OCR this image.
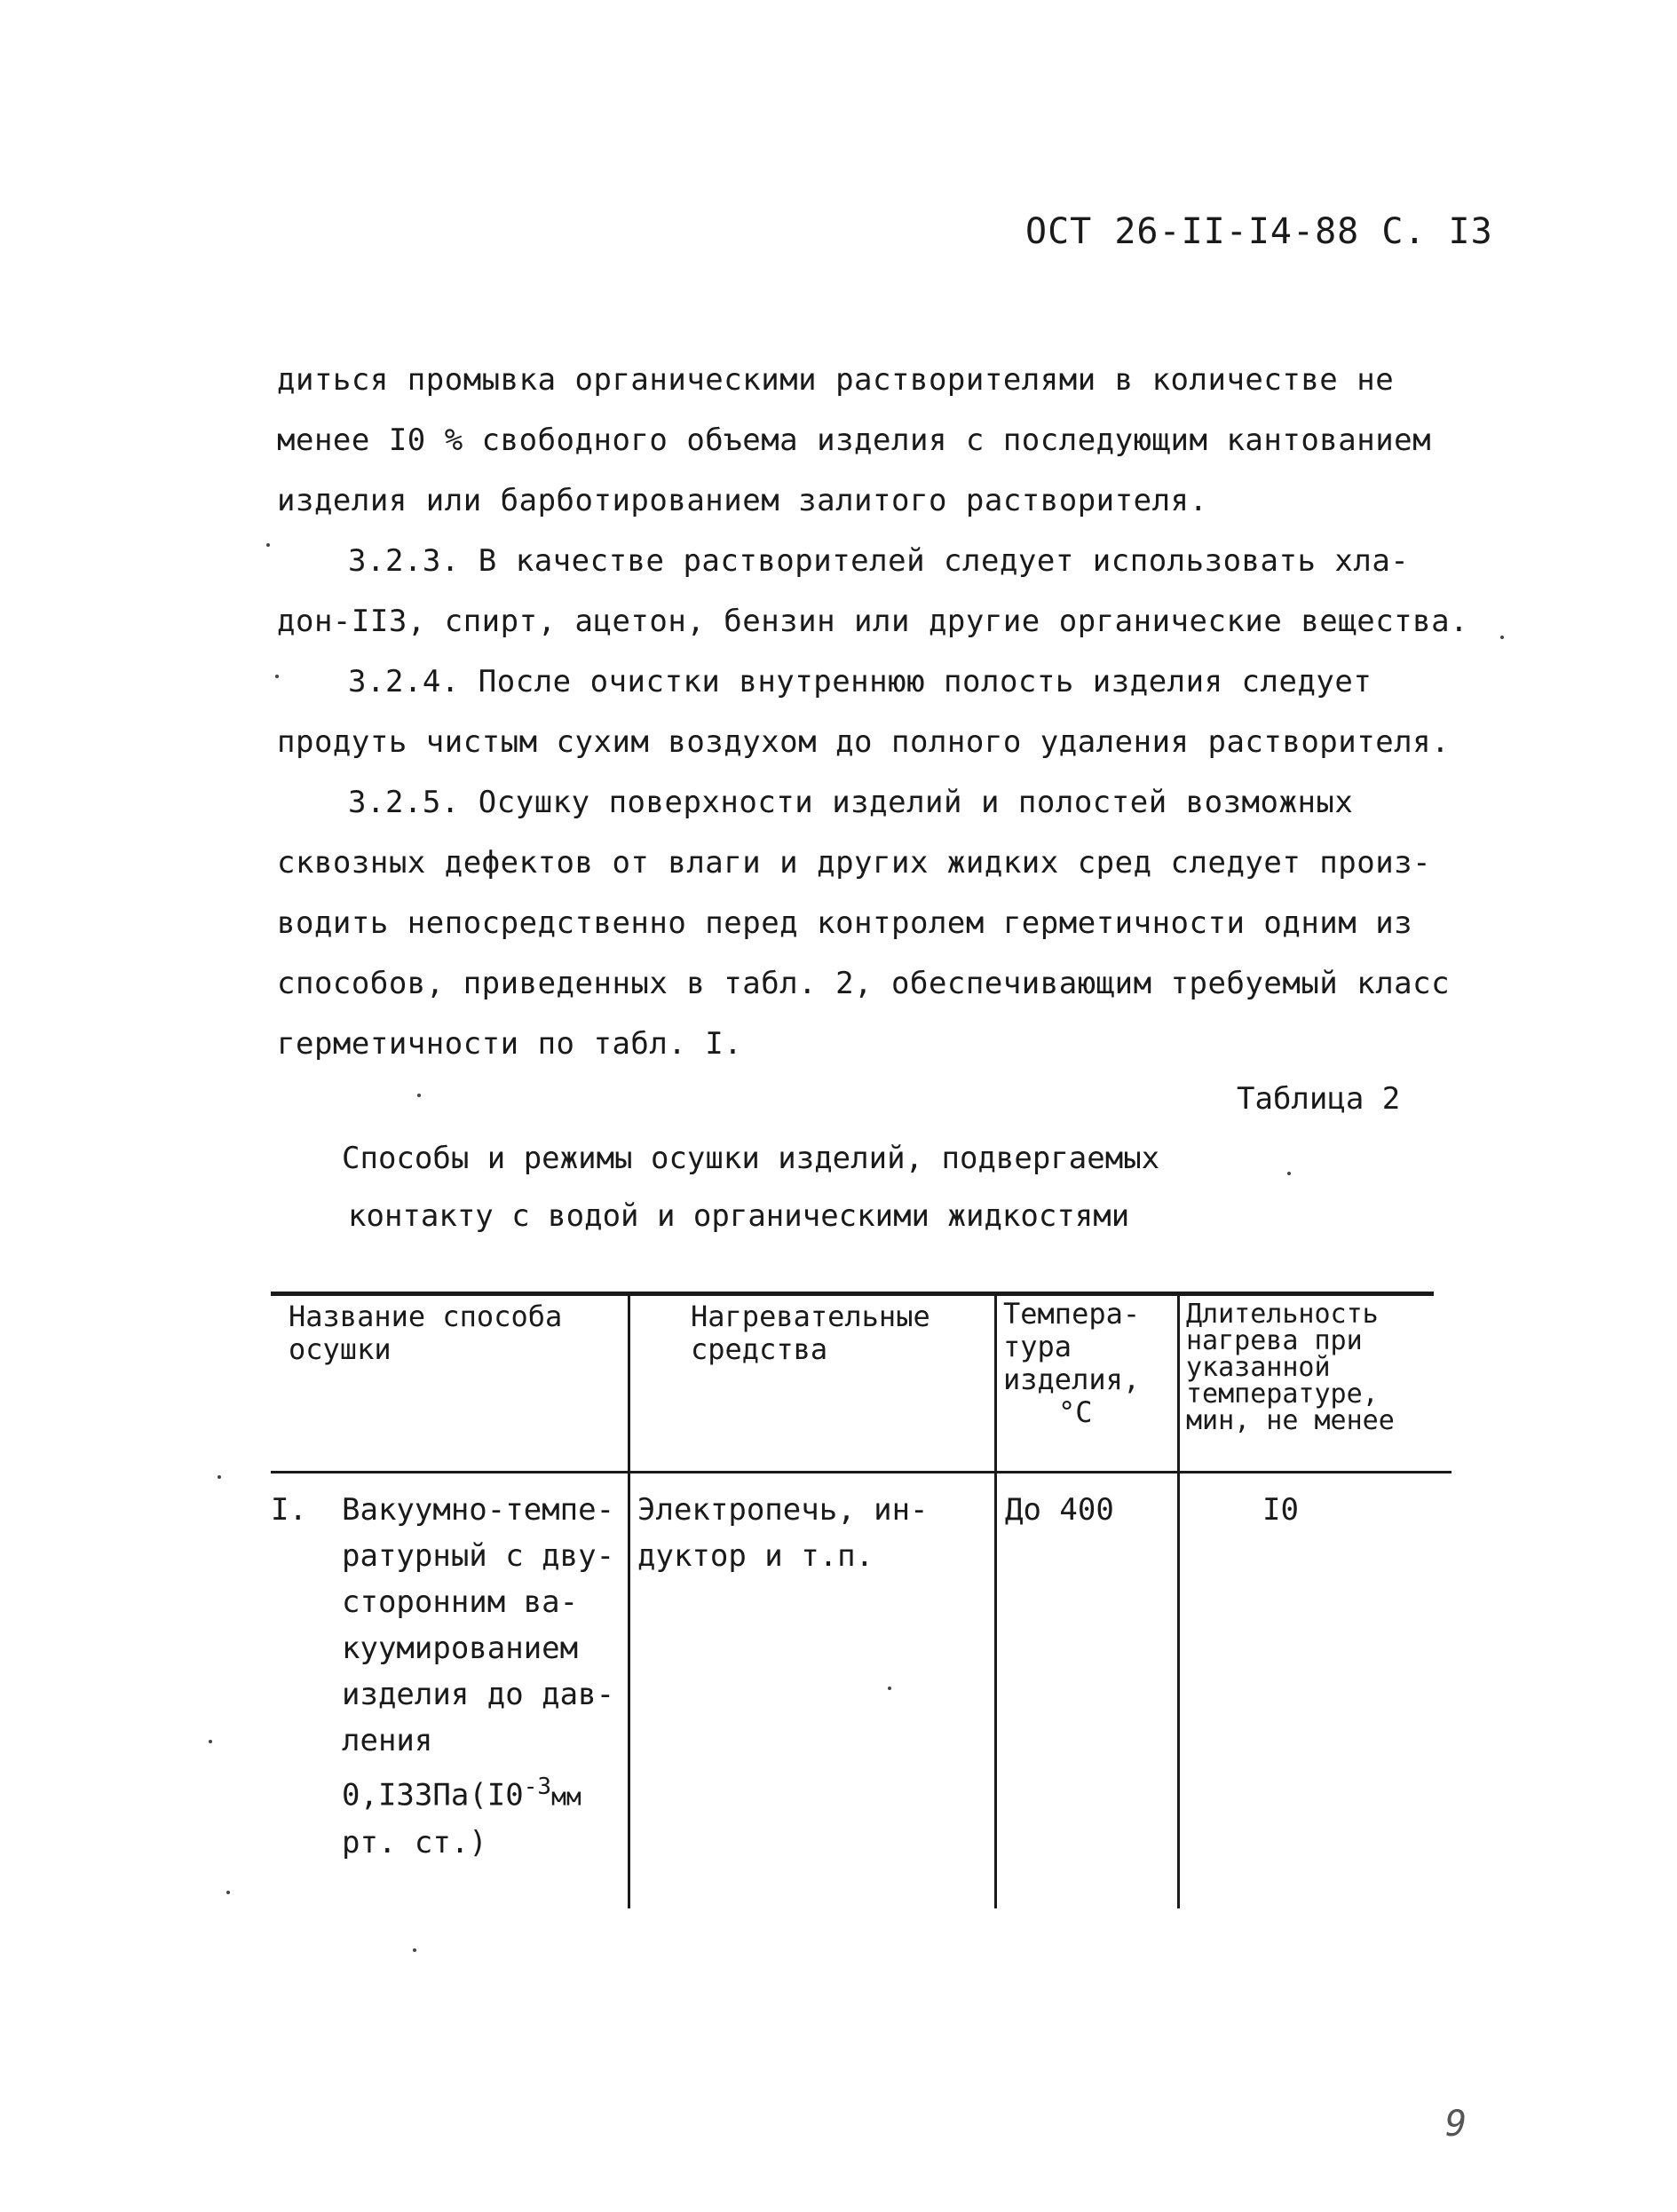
ОСТ 26-II-I4-88 С. I3
диться промывка органическими растворителями в количестве не
менее I0 % свободного объема изделия с последующим кантованием
изделия или барботированием залитого растворителя.
3.2.3. В качестве растворителей следует использовать хла-
дон-II3, спирт, ацетон, бензин или другие органические вещества.
3.2.4. После очистки внутреннюю полость изделия следует
продуть чистым сухим воздухом до полного удаления растворителя.
3.2.5. Осушку поверхности изделий и полостей возможных
сквозных дефектов от влаги и других жидких сред следует произ-
водить непосредственно перед контролем герметичности одним из
способов, приведенных в табл. 2, обеспечивающим требуемый класс
герметичности по табл. I.
Таблица 2
Способы и режимы осушки изделий, подвергаемых
контакту с водой и органическими жидкостями
Название способа
осушки
Нагревательные
средства
Темпера-
тура
изделия,
°С
Длительность
нагрева при
указанной
температуре,
мин, не менее
I. Вакуумно-темпе-
ратурный с дву-
сторонним ва-
куумированием
изделия до дав-
ления
$0,I33Па(I0^{-3}мм$
рт. ст.)
Электропечь, ин-
дуктор и т.п.
До 400	I0
9
